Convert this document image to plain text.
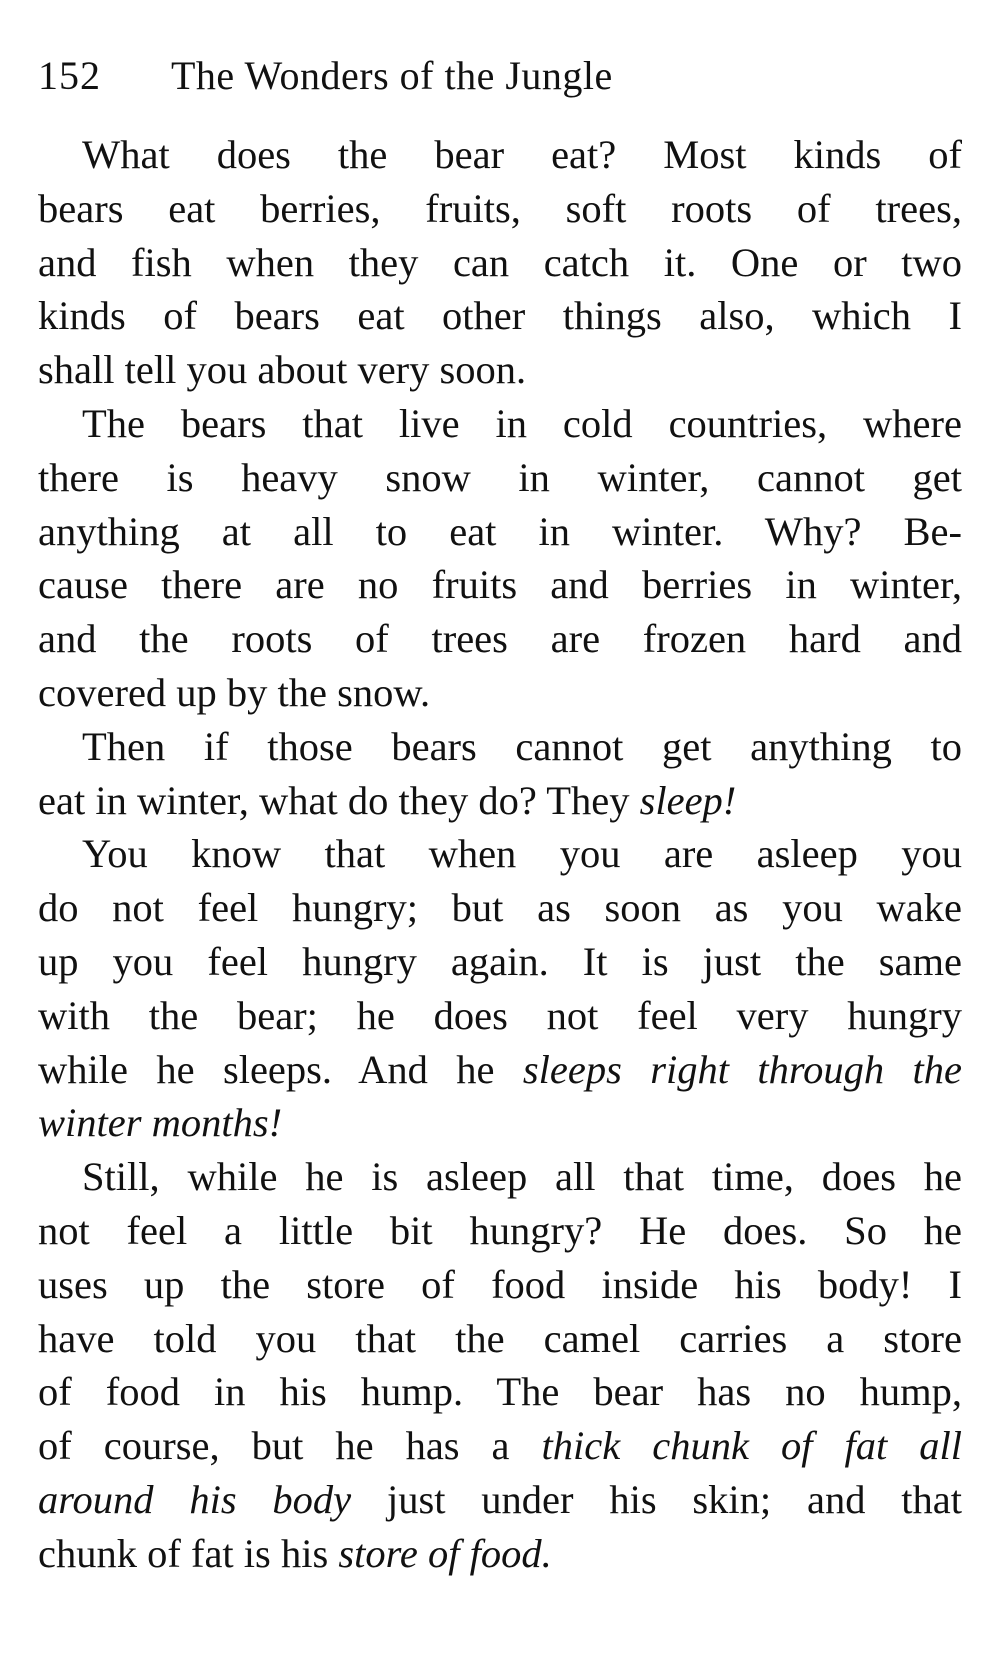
152 The Wonders of the Jungle
What does the bear eat? Most kinds of
bears eat berries, fruits, soft roots of trees,
and fish when they can catch it. One or two
kinds of bears eat other things also, which I
shall tell you about very soon.
The bears that live in cold countries, where
there is heavy snow in winter, cannot get
anything at all to eat in winter. Why? Be-
cause there are no fruits and berries in winter,
and the roots of trees are frozen hard and
covered up by the snow.
Then if those bears cannot get anything to
eat in winter, what do they do? They sleep!
You know that when you are asleep you
do not feel hungry; but as soon as you wake
up you feel hungry again. It is just the same
with the bear; he does not feel very hungry
while he sleeps. And he sleeps right through the
winter months!
Still, while he is asleep all that time, does he
not feel a little bit hungry? He does. So he
uses up the store of food inside his body! I
have told you that the camel carries a store
of food in his hump. The bear has no hump,
of course, but he has a thick chunk of fat all
around his body just under his skin; and that
chunk of fat is his store of food.
